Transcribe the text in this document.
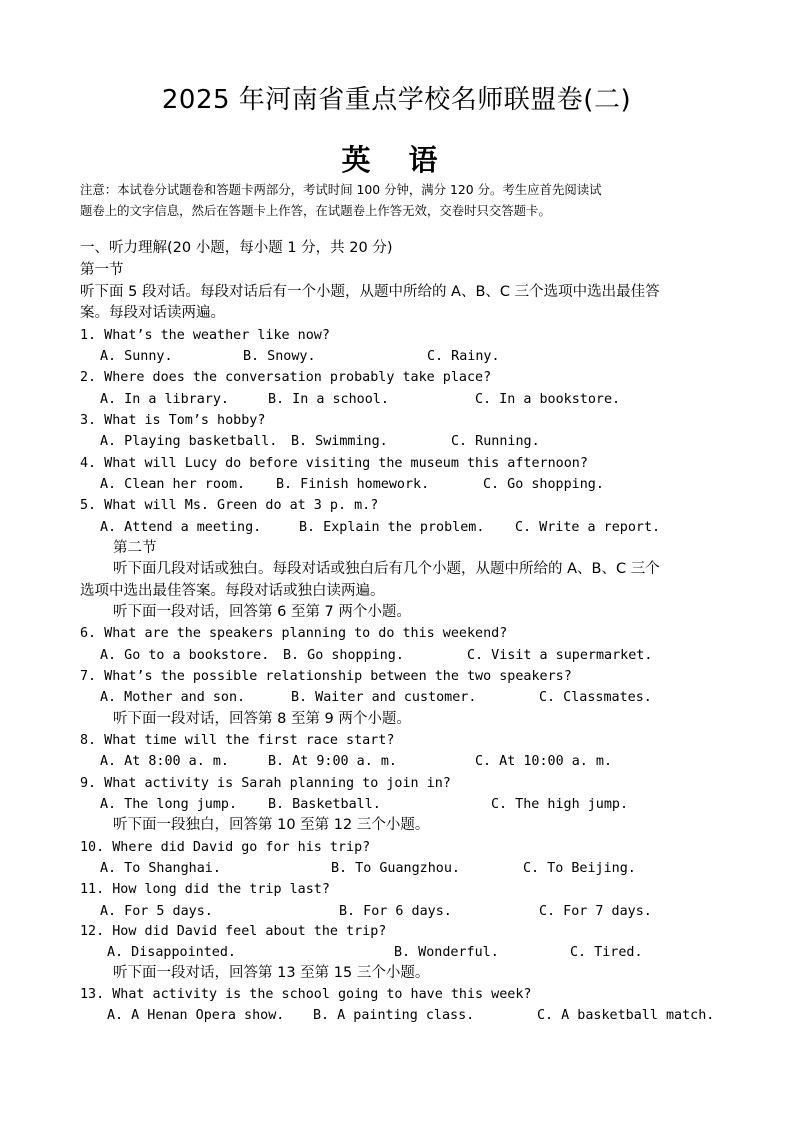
2025 年河南省重点学校名师联盟卷(二)
英 语
注意：本试卷分试题卷和答题卡两部分，考试时间 100 分钟，满分 120 分。考生应首先阅读试
题卷上的文字信息，然后在答题卡上作答，在试题卷上作答无效，交卷时只交答题卡。
一、听力理解(20 小题，每小题 1 分，共 20 分)
第一节
听下面 5 段对话。每段对话后有一个小题，从题中所给的 A、B、C 三个选项中选出最佳答
案。每段对话读两遍。
1. What’s the weather like now?
A. Sunny.	B. Snowy.	C. Rainy.
2. Where does the conversation probably take place?
A. In a library.	B. In a school.	C. In a bookstore.
3. What is Tom’s hobby?
A. Playing basketball. B. Swimming.	C. Running.
4. What will Lucy do before visiting the museum this afternoon?
A. Clean her room. B. Finish homework.	C. Go shopping.
5. What will Ms. Green do at 3 p. m.?
A. Attend a meeting.	B. Explain the problem. C. Write a report.
第二节
听下面几段对话或独白。每段对话或独白后有几个小题，从题中所给的 A、B、C 三个
选项中选出最佳答案。每段对话或独白读两遍。
听下面一段对话，回答第 6 至第 7 两个小题。
6. What are the speakers planning to do this weekend?
A. Go to a bookstore. B. Go shopping.	C. Visit a supermarket.
7. What’s the possible relationship between the two speakers?
A. Mother and son.	B. Waiter and customer.	C. Classmates.
听下面一段对话，回答第 8 至第 9 两个小题。
8. What time will the first race start?
A. At 8:00 a. m.	B. At 9:00 a. m.	C. At 10:00 a. m.
9. What activity is Sarah planning to join in?
A. The long jump. B. Basketball.	C. The high jump.
听下面一段独白，回答第 10 至第 12 三个小题。
10. Where did David go for his trip?
A. To Shanghai.	B. To Guangzhou.	C. To Beijing.
11. How long did the trip last?
A. For 5 days.	B. For 6 days.	C. For 7 days.
12. How did David feel about the trip?
A. Disappointed.	B. Wonderful.	C. Tired.
听下面一段对话，回答第 13 至第 15 三个小题。
13. What activity is the school going to have this week?
A. A Henan Opera show. B. A painting class.	C. A basketball match.
